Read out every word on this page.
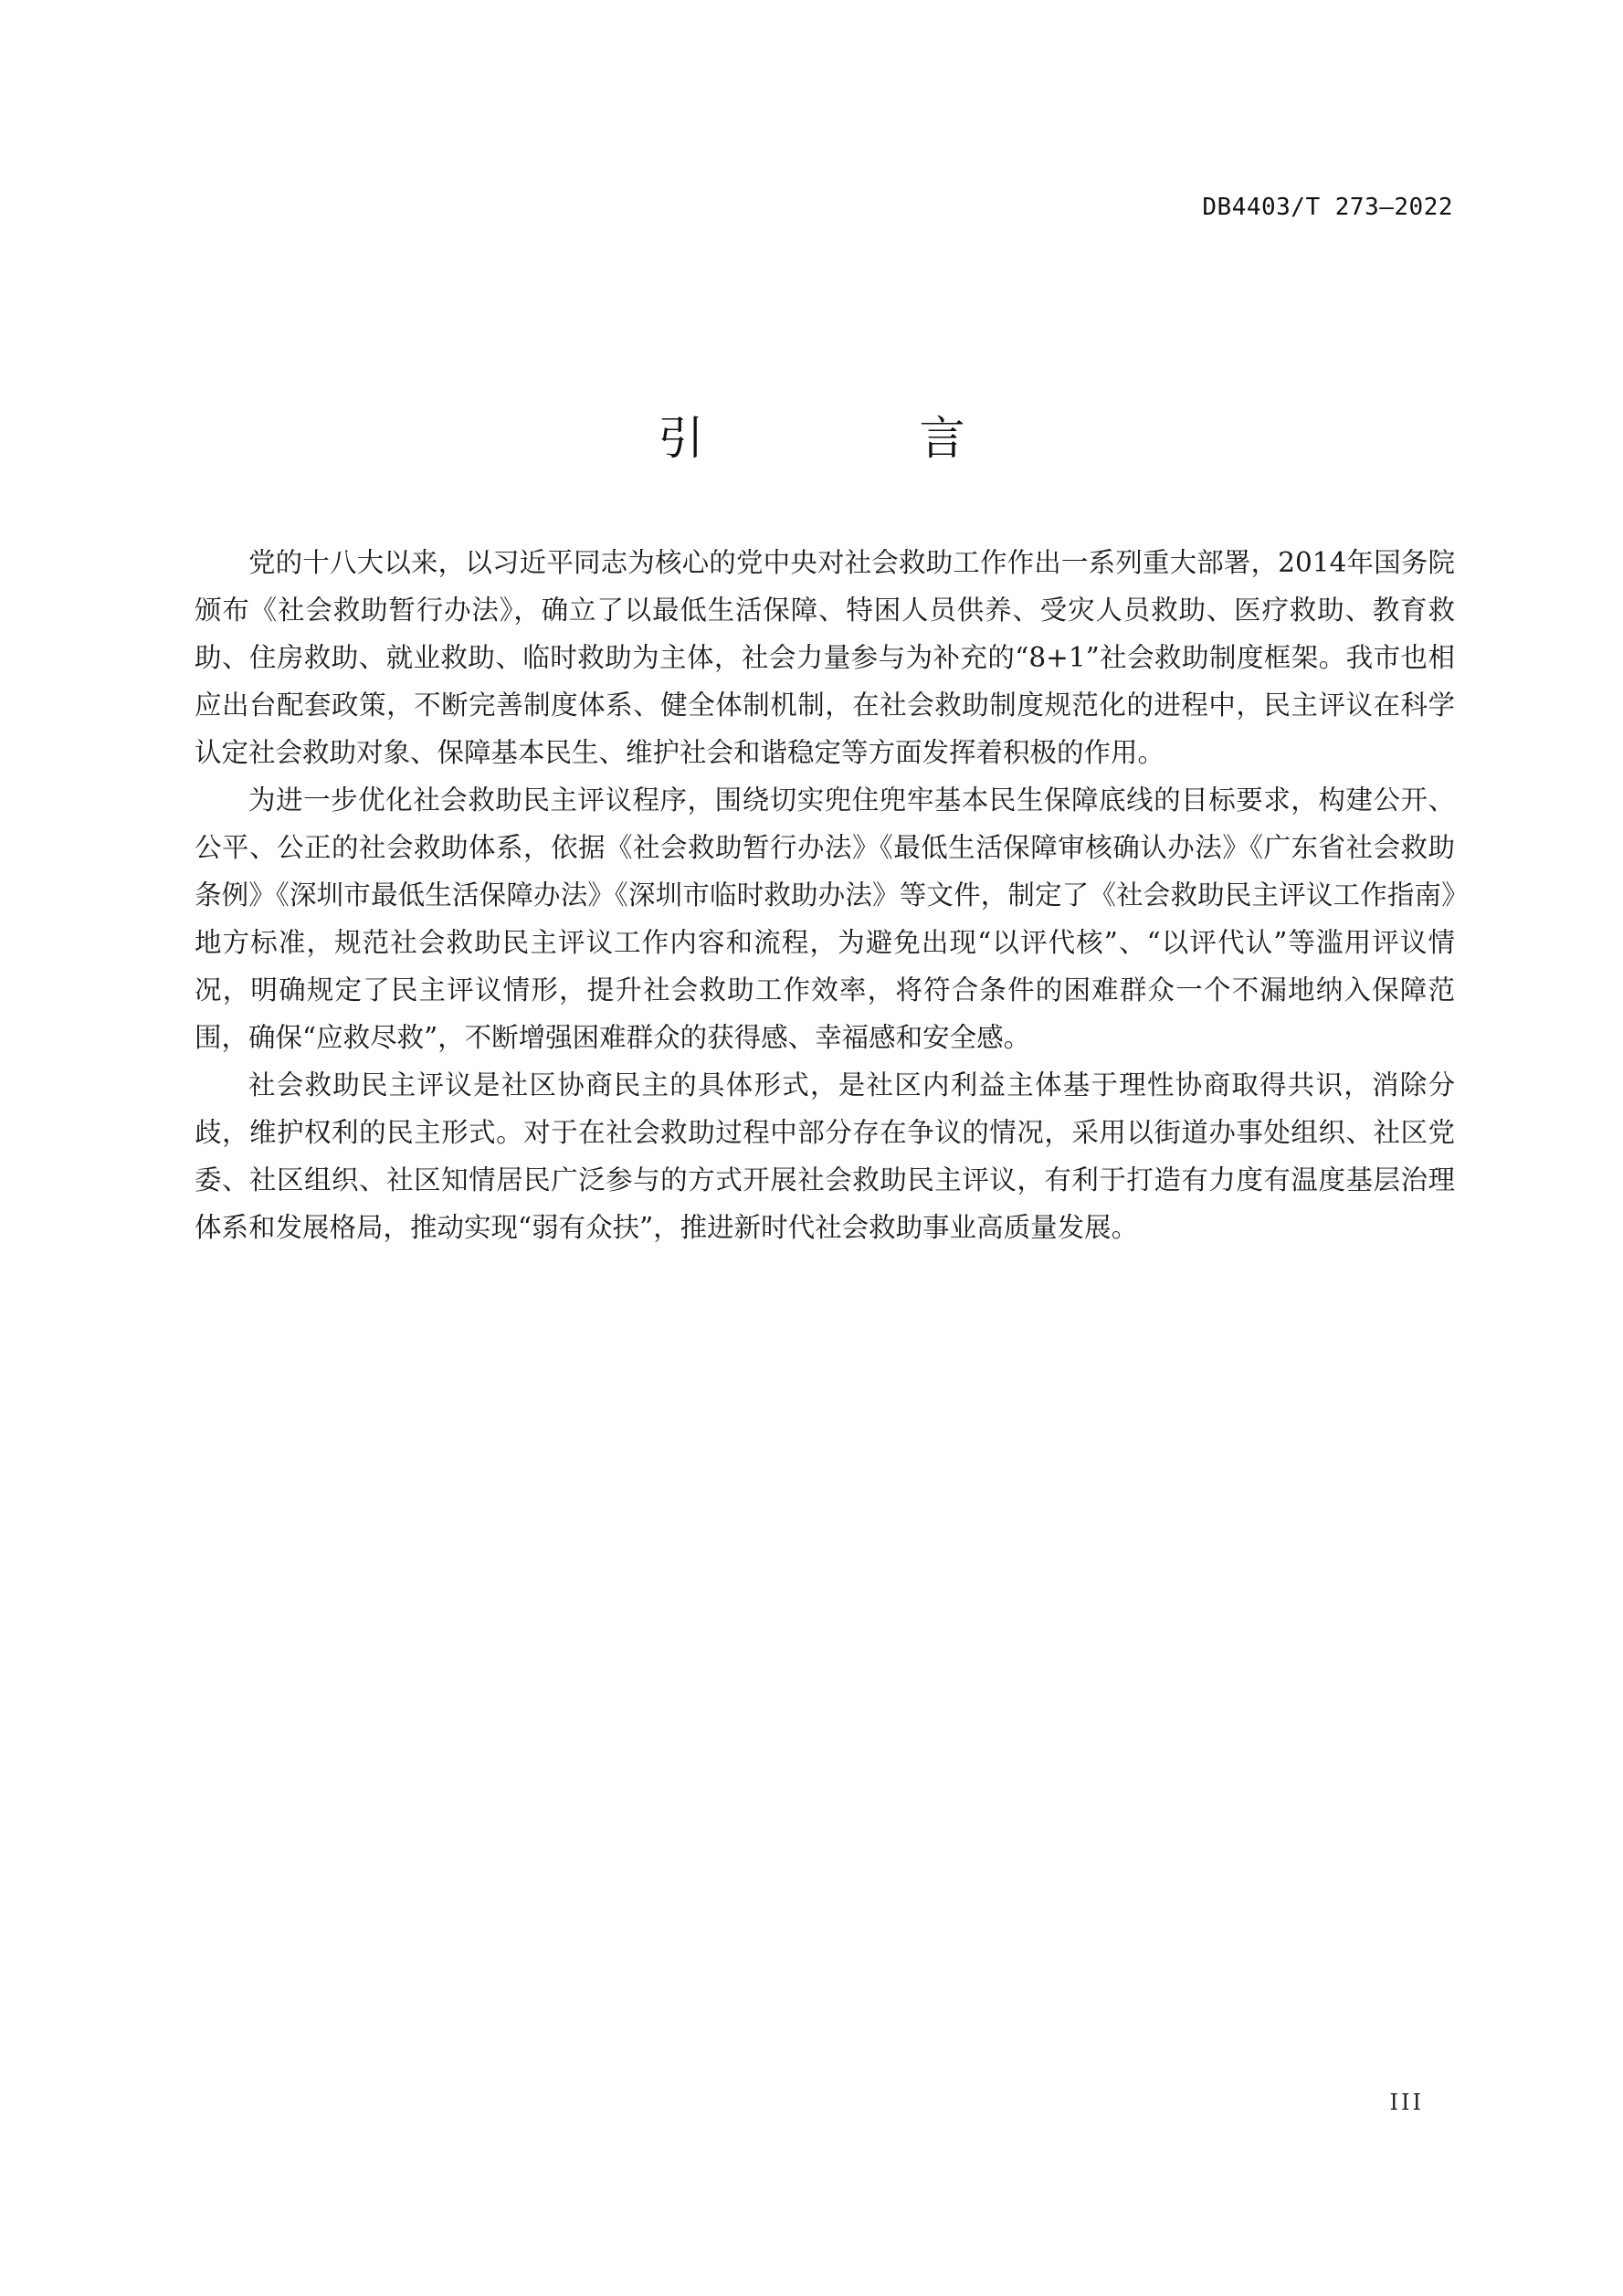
DB4403/T 273—2022
引 言

党的十八大以来，以习近平同志为核心的党中央对社会救助工作作出一系列重大部署，2014年国务院颁布《社会救助暂行办法》，确立了以最低生活保障、特困人员供养、受灾人员救助、医疗救助、教育救助、住房救助、就业救助、临时救助为主体，社会力量参与为补充的“8+1”社会救助制度框架。我市也相应出台配套政策，不断完善制度体系、健全体制机制，在社会救助制度规范化的进程中，民主评议在科学认定社会救助对象、保障基本民生、维护社会和谐稳定等方面发挥着积极的作用。

为进一步优化社会救助民主评议程序，围绕切实兜住兜牢基本民生保障底线的目标要求，构建公开、公平、公正的社会救助体系，依据《社会救助暂行办法》《最低生活保障审核确认办法》《广东省社会救助条例》《深圳市最低生活保障办法》《深圳市临时救助办法》等文件，制定了《社会救助民主评议工作指南》地方标准，规范社会救助民主评议工作内容和流程，为避免出现“以评代核”、“以评代认”等滥用评议情况，明确规定了民主评议情形，提升社会救助工作效率，将符合条件的困难群众一个不漏地纳入保障范围，确保“应救尽救”，不断增强困难群众的获得感、幸福感和安全感。

社会救助民主评议是社区协商民主的具体形式，是社区内利益主体基于理性协商取得共识，消除分歧，维护权利的民主形式。对于在社会救助过程中部分存在争议的情况，采用以街道办事处组织、社区党委、社区组织、社区知情居民广泛参与的方式开展社会救助民主评议，有利于打造有力度有温度基层治理体系和发展格局，推动实现“弱有众扶”，推进新时代社会救助事业高质量发展。

III
